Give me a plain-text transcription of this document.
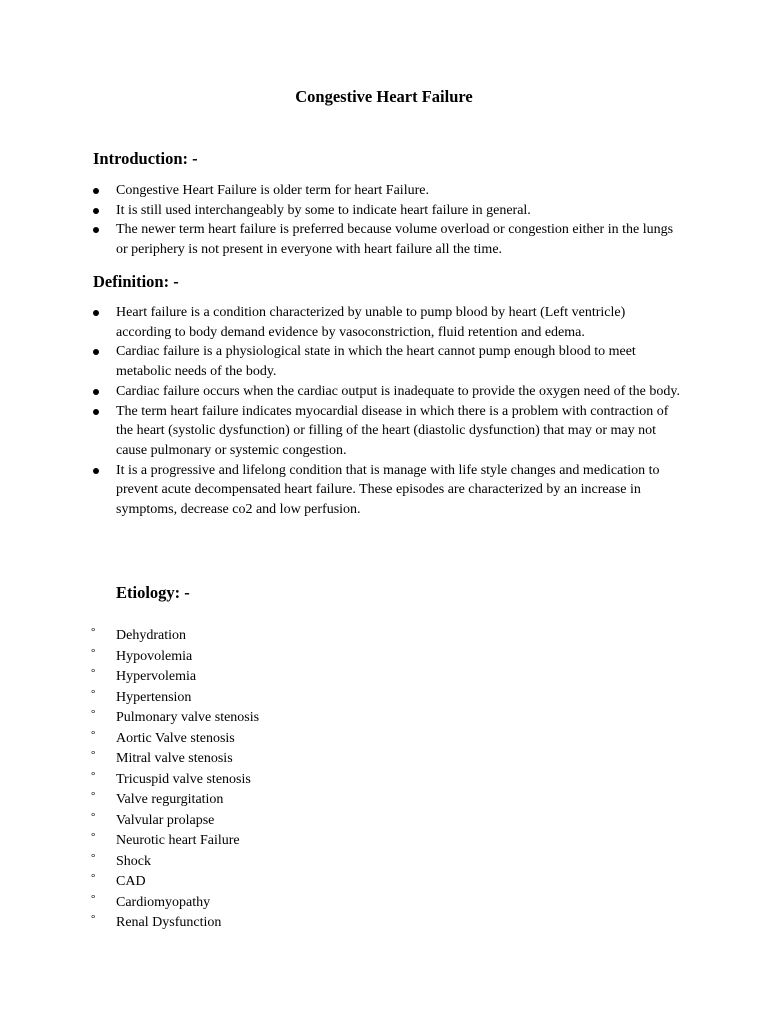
Congestive Heart Failure
Introduction: -
Congestive Heart Failure is older term for heart Failure.
It is still used interchangeably by some to indicate heart failure in general.
The newer term heart failure is preferred because volume overload or congestion either in the lungs or periphery is not present in everyone with heart failure all the time.
Definition: -
Heart failure is a condition characterized by unable to pump blood by heart (Left ventricle) according to body demand evidence by vasoconstriction, fluid retention and edema.
Cardiac failure is a physiological state in which the heart cannot pump enough blood to meet metabolic needs of the body.
Cardiac failure occurs when the cardiac output is inadequate to provide the oxygen need of the body.
The term heart failure indicates myocardial disease in which there is a problem with contraction of the heart (systolic dysfunction) or filling of the heart (diastolic dysfunction) that may or may not cause pulmonary or systemic congestion.
It is a progressive and lifelong condition that is manage with life style changes and medication to prevent acute decompensated heart failure. These episodes are characterized by an increase in symptoms, decrease co2 and low perfusion.
Etiology: -
° Dehydration
° Hypovolemia
° Hypervolemia
° Hypertension
° Pulmonary valve stenosis
° Aortic Valve stenosis
° Mitral valve stenosis
° Tricuspid valve stenosis
° Valve regurgitation
° Valvular prolapse
° Neurotic heart Failure
° Shock
° CAD
° Cardiomyopathy
° Renal Dysfunction
